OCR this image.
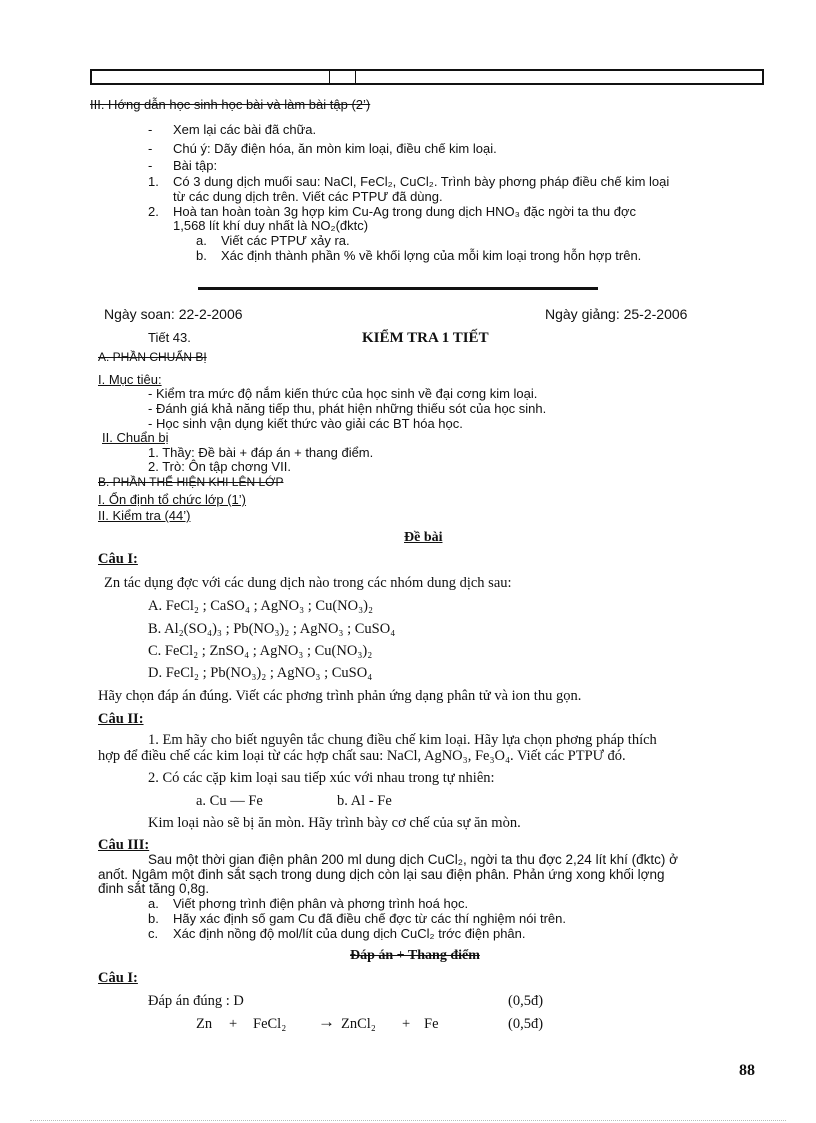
III. Hớng dẫn học sinh học bài và làm bài tập (2’)
- Xem lại các bài đã chữa.
- Chú ý: Dãy điện hóa, ăn mòn kim loại, điều chế kim loại.
- Bài tập:
1. Có 3 dung dịch muối sau: NaCl, FeCl₂, CuCl₂. Trình bày phơng pháp điều chế kim loại
từ các dung dịch trên. Viết các PTPƯ đã dùng.
2. Hoà tan hoàn toàn 3g hợp kim Cu-Ag trong dung dịch HNO₃ đặc ngời ta thu đợc
1,568 lít khí duy nhất là NO₂(đktc)
a. Viết các PTPƯ xảy ra.
b. Xác định thành phần % về khối lợng của mỗi kim loại trong hỗn hợp trên.
Ngày soan: 22-2-2006	Ngày giảng: 25-2-2006
Tiết 43.	KIỂM TRA 1 TIẾT
A. PHẦN CHUẨN BỊ
I. Mục tiêu:
- Kiểm tra mức độ nắm kiến thức của học sinh về đại cơng kim loại.
- Đánh giá khả năng tiếp thu, phát hiện những thiếu sót của học sinh.
- Học sinh vận dụng kiết thức vào giải các BT hóa học.
II. Chuẩn bị
1. Thầy: Đề bài + đáp án + thang điểm.
2. Trò: Ôn tập chơng VII.
B. PHẦN THỂ HIỆN KHI LÊN LỚP
I. Ổn định tổ chức lớp (1’)
II. Kiểm tra (44’)
Đề bài
Câu I:
Zn tác dụng đợc với các dung dịch nào trong các nhóm dung dịch sau:
A. FeCl₂ ; CaSO₄ ; AgNO₃ ; Cu(NO₃)₂
B. Al₂(SO₄)₃ ; Pb(NO₃)₂ ; AgNO₃ ; CuSO₄
C. FeCl₂ ; ZnSO₄ ; AgNO₃ ; Cu(NO₃)₂
D. FeCl₂ ; Pb(NO₃)₂ ; AgNO₃ ; CuSO₄
Hãy chọn đáp án đúng. Viết các phơng trình phản ứng dạng phân tử và ion thu gọn.
Câu II:
1. Em hãy cho biết nguyên tắc chung điều chế kim loại. Hãy lựa chọn phơng pháp thích
hợp để điều chế các kim loại từ các hợp chất sau: NaCl, AgNO₃, Fe₃O₄. Viết các PTPƯ đó.
2. Có các cặp kim loại sau tiếp xúc với nhau trong tự nhiên:
a. Cu — Fe	b. Al - Fe
Kim loại nào sẽ bị ăn mòn. Hãy trình bày cơ chế của sự ăn mòn.
Câu III:
Sau một thời gian điện phân 200 ml dung dịch CuCl₂, ngời ta thu đợc 2,24 lít khí (đktc) ở
anốt. Ngâm một đinh sắt sạch trong dung dịch còn lại sau điện phân. Phản ứng xong khối lợng
đinh sắt tăng 0,8g.
a. Viết phơng trình điện phân và phơng trình hoá học.
b. Hãy xác định số gam Cu đã điều chế đợc từ các thí nghiệm nói trên.
c. Xác định nồng độ mol/lít của dung dịch CuCl₂ trớc điện phân.
Đáp án + Thang điểm
Câu I:
Đáp án đúng : D	(0,5đ)
Zn + FeCl₂ → ZnCl₂ + Fe	(0,5đ)
88
